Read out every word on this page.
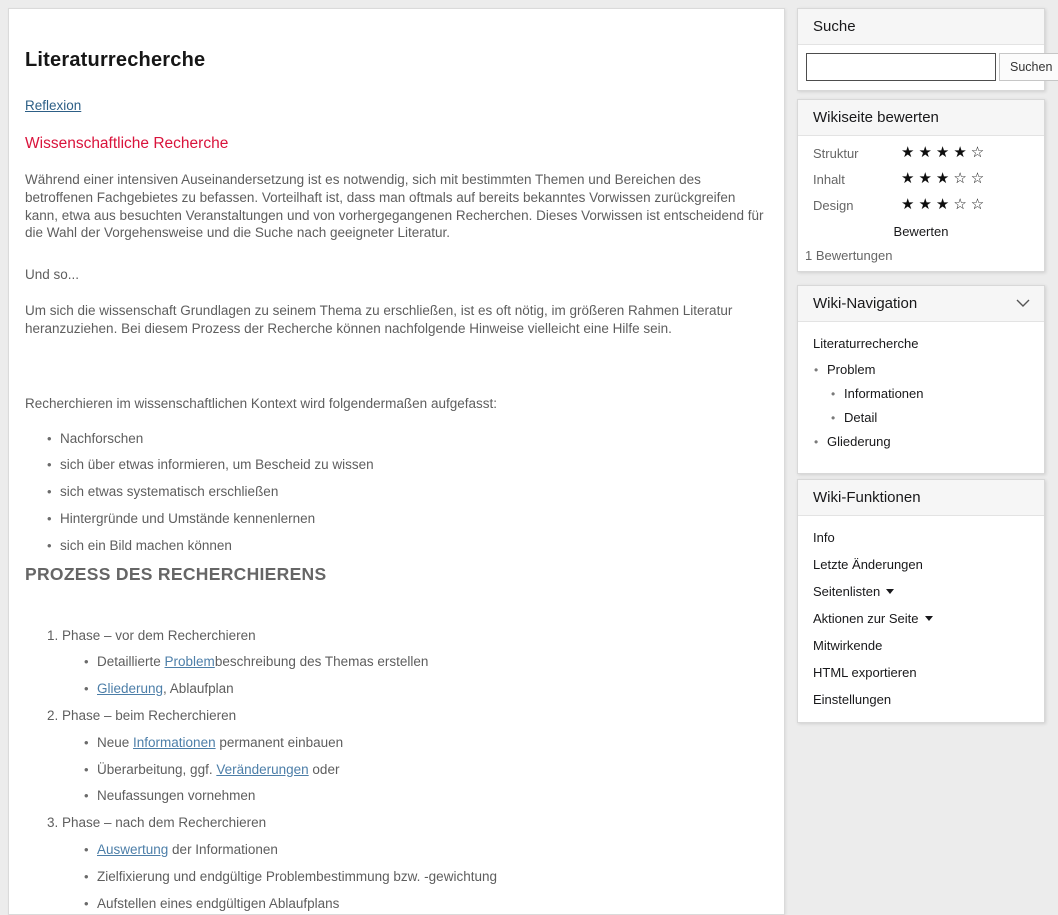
Literaturrecherche
Reflexion
Wissenschaftliche Recherche

Während einer intensiven Auseinandersetzung ist es notwendig, sich mit bestimmten Themen und Bereichen des betroffenen Fachgebietes zu befassen. Vorteilhaft ist, dass man oftmals auf bereits bekanntes Vorwissen zurückgreifen kann, etwa aus besuchten Veranstaltungen und von vorhergegangenen Recherchen. Dieses Vorwissen ist entscheidend für die Wahl der Vorgehensweise und die Suche nach geeigneter Literatur.

Und so...

Um sich die wissenschaft Grundlagen zu seinem Thema zu erschließen, ist es oft nötig, im größeren Rahmen Literatur heranzuziehen. Bei diesem Prozess der Recherche können nachfolgende Hinweise vielleicht eine Hilfe sein.

Recherchieren im wissenschaftlichen Kontext wird folgendermaßen aufgefasst:

• Nachforschen
• sich über etwas informieren, um Bescheid zu wissen
• sich etwas systematisch erschließen
• Hintergründe und Umstände kennenlernen
• sich ein Bild machen können
PROZESS DES RECHERCHIERENS
1. Phase – vor dem Recherchieren
• Detaillierte Problembeschreibung des Themas erstellen
• Gliederung, Ablaufplan
2. Phase – beim Recherchieren
• Neue Informationen permanent einbauen
• Überarbeitung, ggf. Veränderungen oder
• Neufassungen vornehmen
3. Phase – nach dem Recherchieren
• Auswertung der Informationen
• Zielfixierung und endgültige Problembestimmung bzw. -gewichtung
• Aufstellen eines endgültigen Ablaufplans
Suche
Suchen
Wikiseite bewerten
Struktur	★★★★☆
Inhalt	★★★☆☆
Design	★★★☆☆
Bewerten
1 Bewertungen
Wiki-Navigation
Literaturrecherche
• Problem
• Informationen
• Detail
• Gliederung
Wiki-Funktionen
Info
Letzte Änderungen
Seitenlisten
Aktionen zur Seite
Mitwirkende
HTML exportieren
Einstellungen
